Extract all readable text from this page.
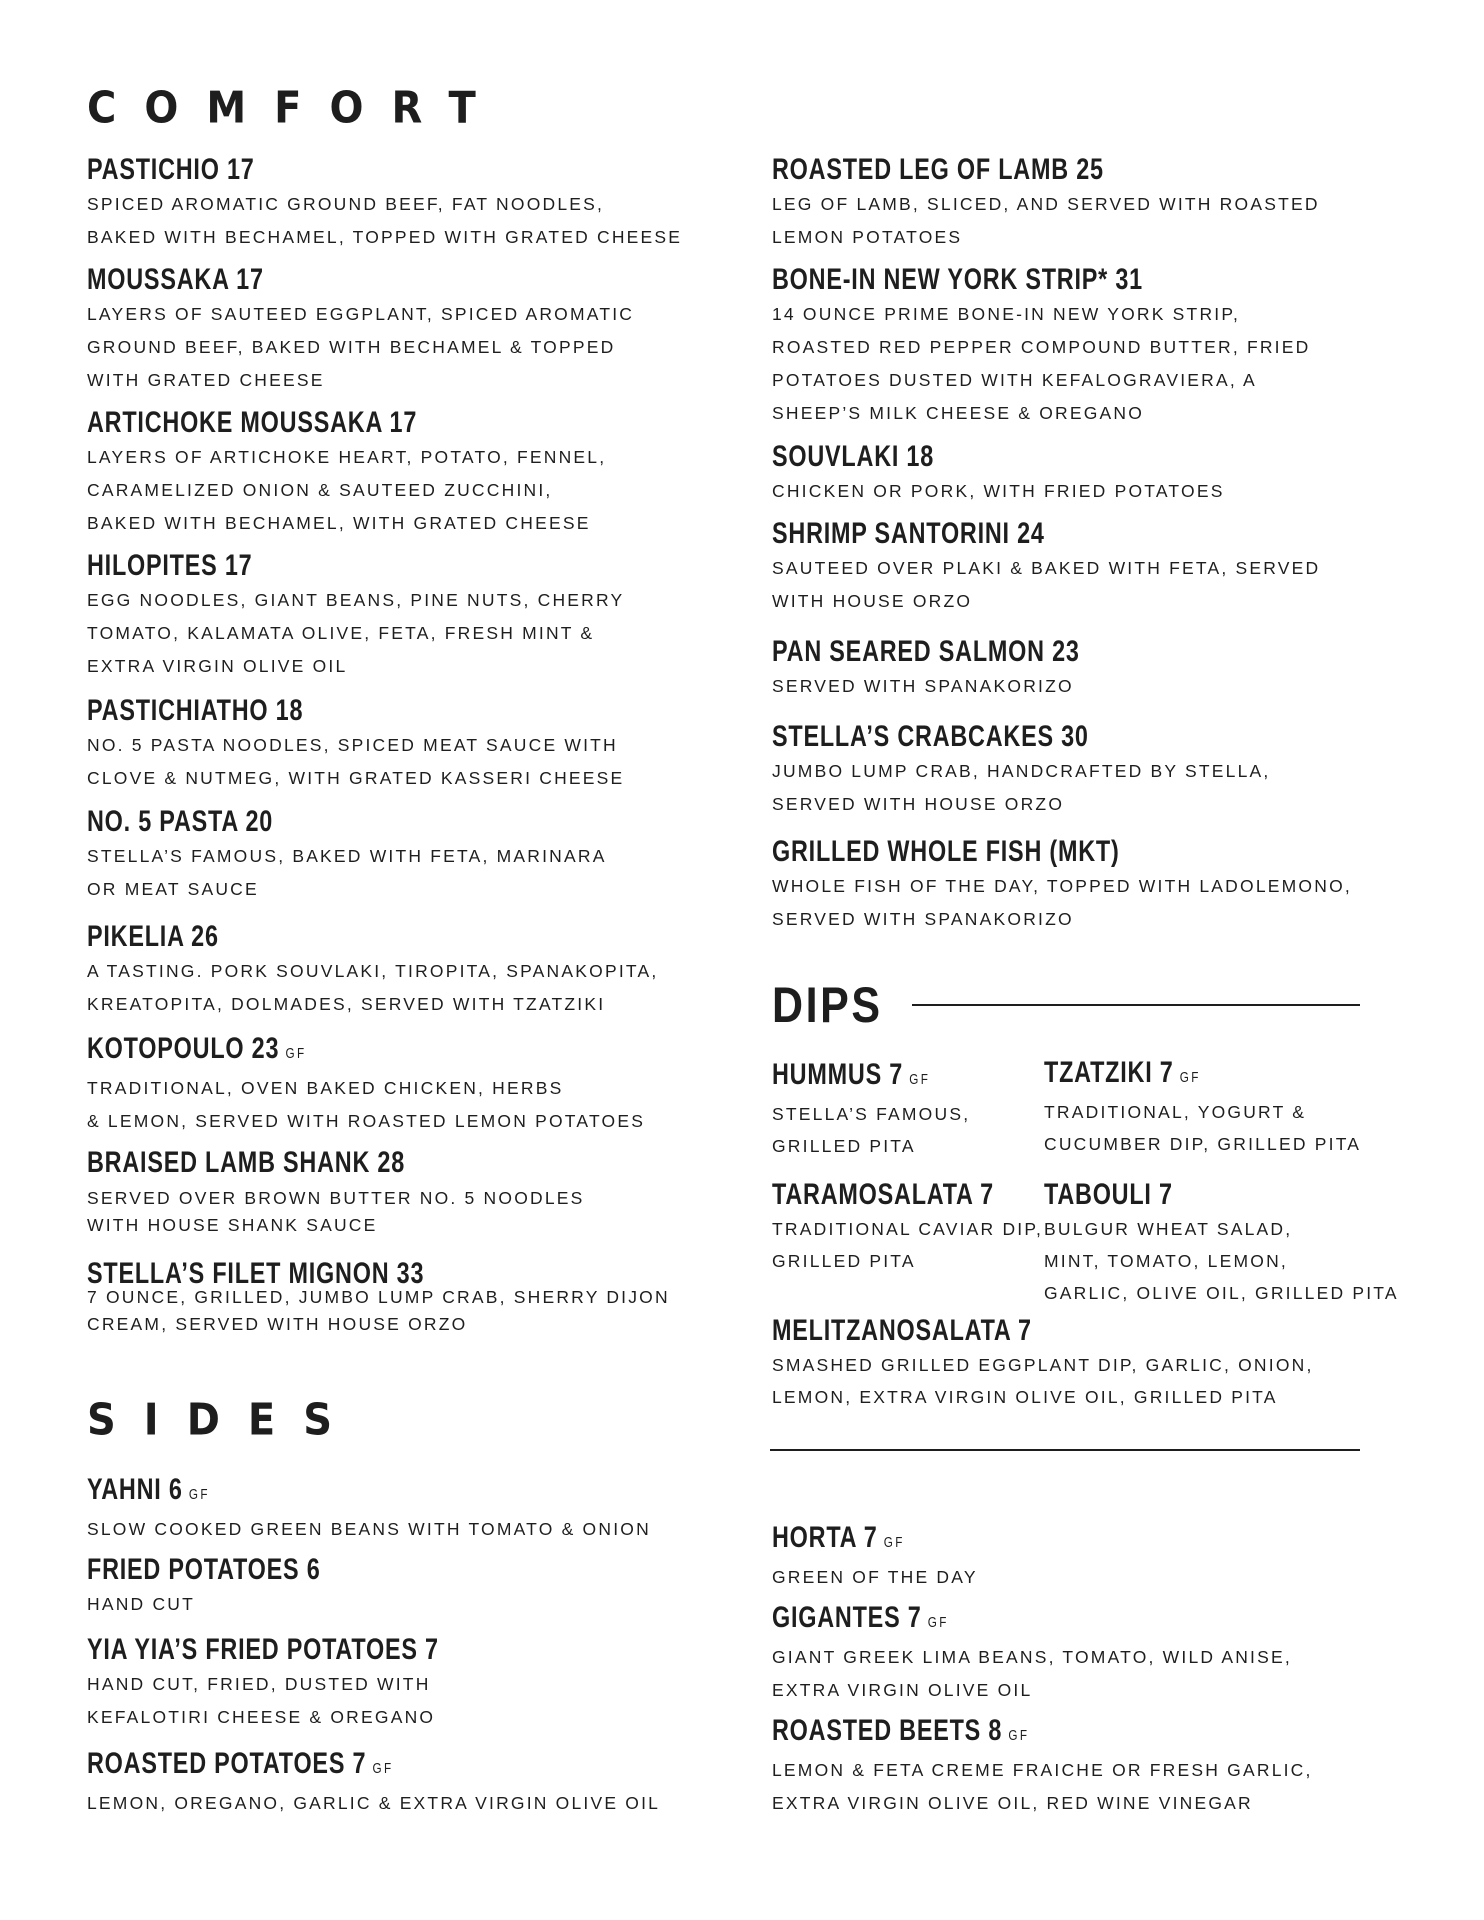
COMFORT
SIDES
DIPS
PASTICHIO 17
SPICED AROMATIC GROUND BEEF, FAT NOODLES,
BAKED WITH BECHAMEL, TOPPED WITH GRATED CHEESE
MOUSSAKA 17
LAYERS OF SAUTEED EGGPLANT, SPICED AROMATIC
GROUND BEEF, BAKED WITH BECHAMEL & TOPPED
WITH GRATED CHEESE
ARTICHOKE MOUSSAKA 17
LAYERS OF ARTICHOKE HEART, POTATO, FENNEL,
CARAMELIZED ONION & SAUTEED ZUCCHINI,
BAKED WITH BECHAMEL, WITH GRATED CHEESE
HILOPITES 17
EGG NOODLES, GIANT BEANS, PINE NUTS, CHERRY
TOMATO, KALAMATA OLIVE, FETA, FRESH MINT &
EXTRA VIRGIN OLIVE OIL
PASTICHIATHO 18
NO. 5 PASTA NOODLES, SPICED MEAT SAUCE WITH
CLOVE & NUTMEG, WITH GRATED KASSERI CHEESE
NO. 5 PASTA 20
STELLA’S FAMOUS, BAKED WITH FETA, MARINARA
OR MEAT SAUCE
PIKELIA 26
A TASTING. PORK SOUVLAKI, TIROPITA, SPANAKOPITA,
KREATOPITA, DOLMADES, SERVED WITH TZATZIKI
KOTOPOULO 23 GF
TRADITIONAL, OVEN BAKED CHICKEN, HERBS
& LEMON, SERVED WITH ROASTED LEMON POTATOES
BRAISED LAMB SHANK 28
SERVED OVER BROWN BUTTER NO. 5 NOODLES
WITH HOUSE SHANK SAUCE
STELLA’S FILET MIGNON 33
7 OUNCE, GRILLED, JUMBO LUMP CRAB, SHERRY DIJON
CREAM, SERVED WITH HOUSE ORZO
ROASTED LEG OF LAMB 25
LEG OF LAMB, SLICED, AND SERVED WITH ROASTED
LEMON POTATOES
BONE-IN NEW YORK STRIP* 31
14 OUNCE PRIME BONE-IN NEW YORK STRIP,
ROASTED RED PEPPER COMPOUND BUTTER, FRIED
POTATOES DUSTED WITH KEFALOGRAVIERA, A
SHEEP’S MILK CHEESE & OREGANO
SOUVLAKI 18
CHICKEN OR PORK, WITH FRIED POTATOES
SHRIMP SANTORINI 24
SAUTEED OVER PLAKI & BAKED WITH FETA, SERVED
WITH HOUSE ORZO
PAN SEARED SALMON 23
SERVED WITH SPANAKORIZO
STELLA’S CRABCAKES 30
JUMBO LUMP CRAB, HANDCRAFTED BY STELLA,
SERVED WITH HOUSE ORZO
GRILLED WHOLE FISH (MKT)
WHOLE FISH OF THE DAY, TOPPED WITH LADOLEMONO,
SERVED WITH SPANAKORIZO
HUMMUS 7 GF
STELLA’S FAMOUS,
GRILLED PITA
TZATZIKI 7 GF
TRADITIONAL, YOGURT &
CUCUMBER DIP, GRILLED PITA
TARAMOSALATA 7
TRADITIONAL CAVIAR DIP,
GRILLED PITA
TABOULI 7
BULGUR WHEAT SALAD,
MINT, TOMATO, LEMON,
GARLIC, OLIVE OIL, GRILLED PITA
MELITZANOSALATA 7
SMASHED GRILLED EGGPLANT DIP, GARLIC, ONION,
LEMON, EXTRA VIRGIN OLIVE OIL, GRILLED PITA
YAHNI 6 GF
SLOW COOKED GREEN BEANS WITH TOMATO & ONION
FRIED POTATOES 6
HAND CUT
YIA YIA’S FRIED POTATOES 7
HAND CUT, FRIED, DUSTED WITH
KEFALOTIRI CHEESE & OREGANO
ROASTED POTATOES 7 GF
LEMON, OREGANO, GARLIC & EXTRA VIRGIN OLIVE OIL
HORTA 7 GF
GREEN OF THE DAY
GIGANTES 7 GF
GIANT GREEK LIMA BEANS, TOMATO, WILD ANISE,
EXTRA VIRGIN OLIVE OIL
ROASTED BEETS 8 GF
LEMON & FETA CREME FRAICHE OR FRESH GARLIC,
EXTRA VIRGIN OLIVE OIL, RED WINE VINEGAR
